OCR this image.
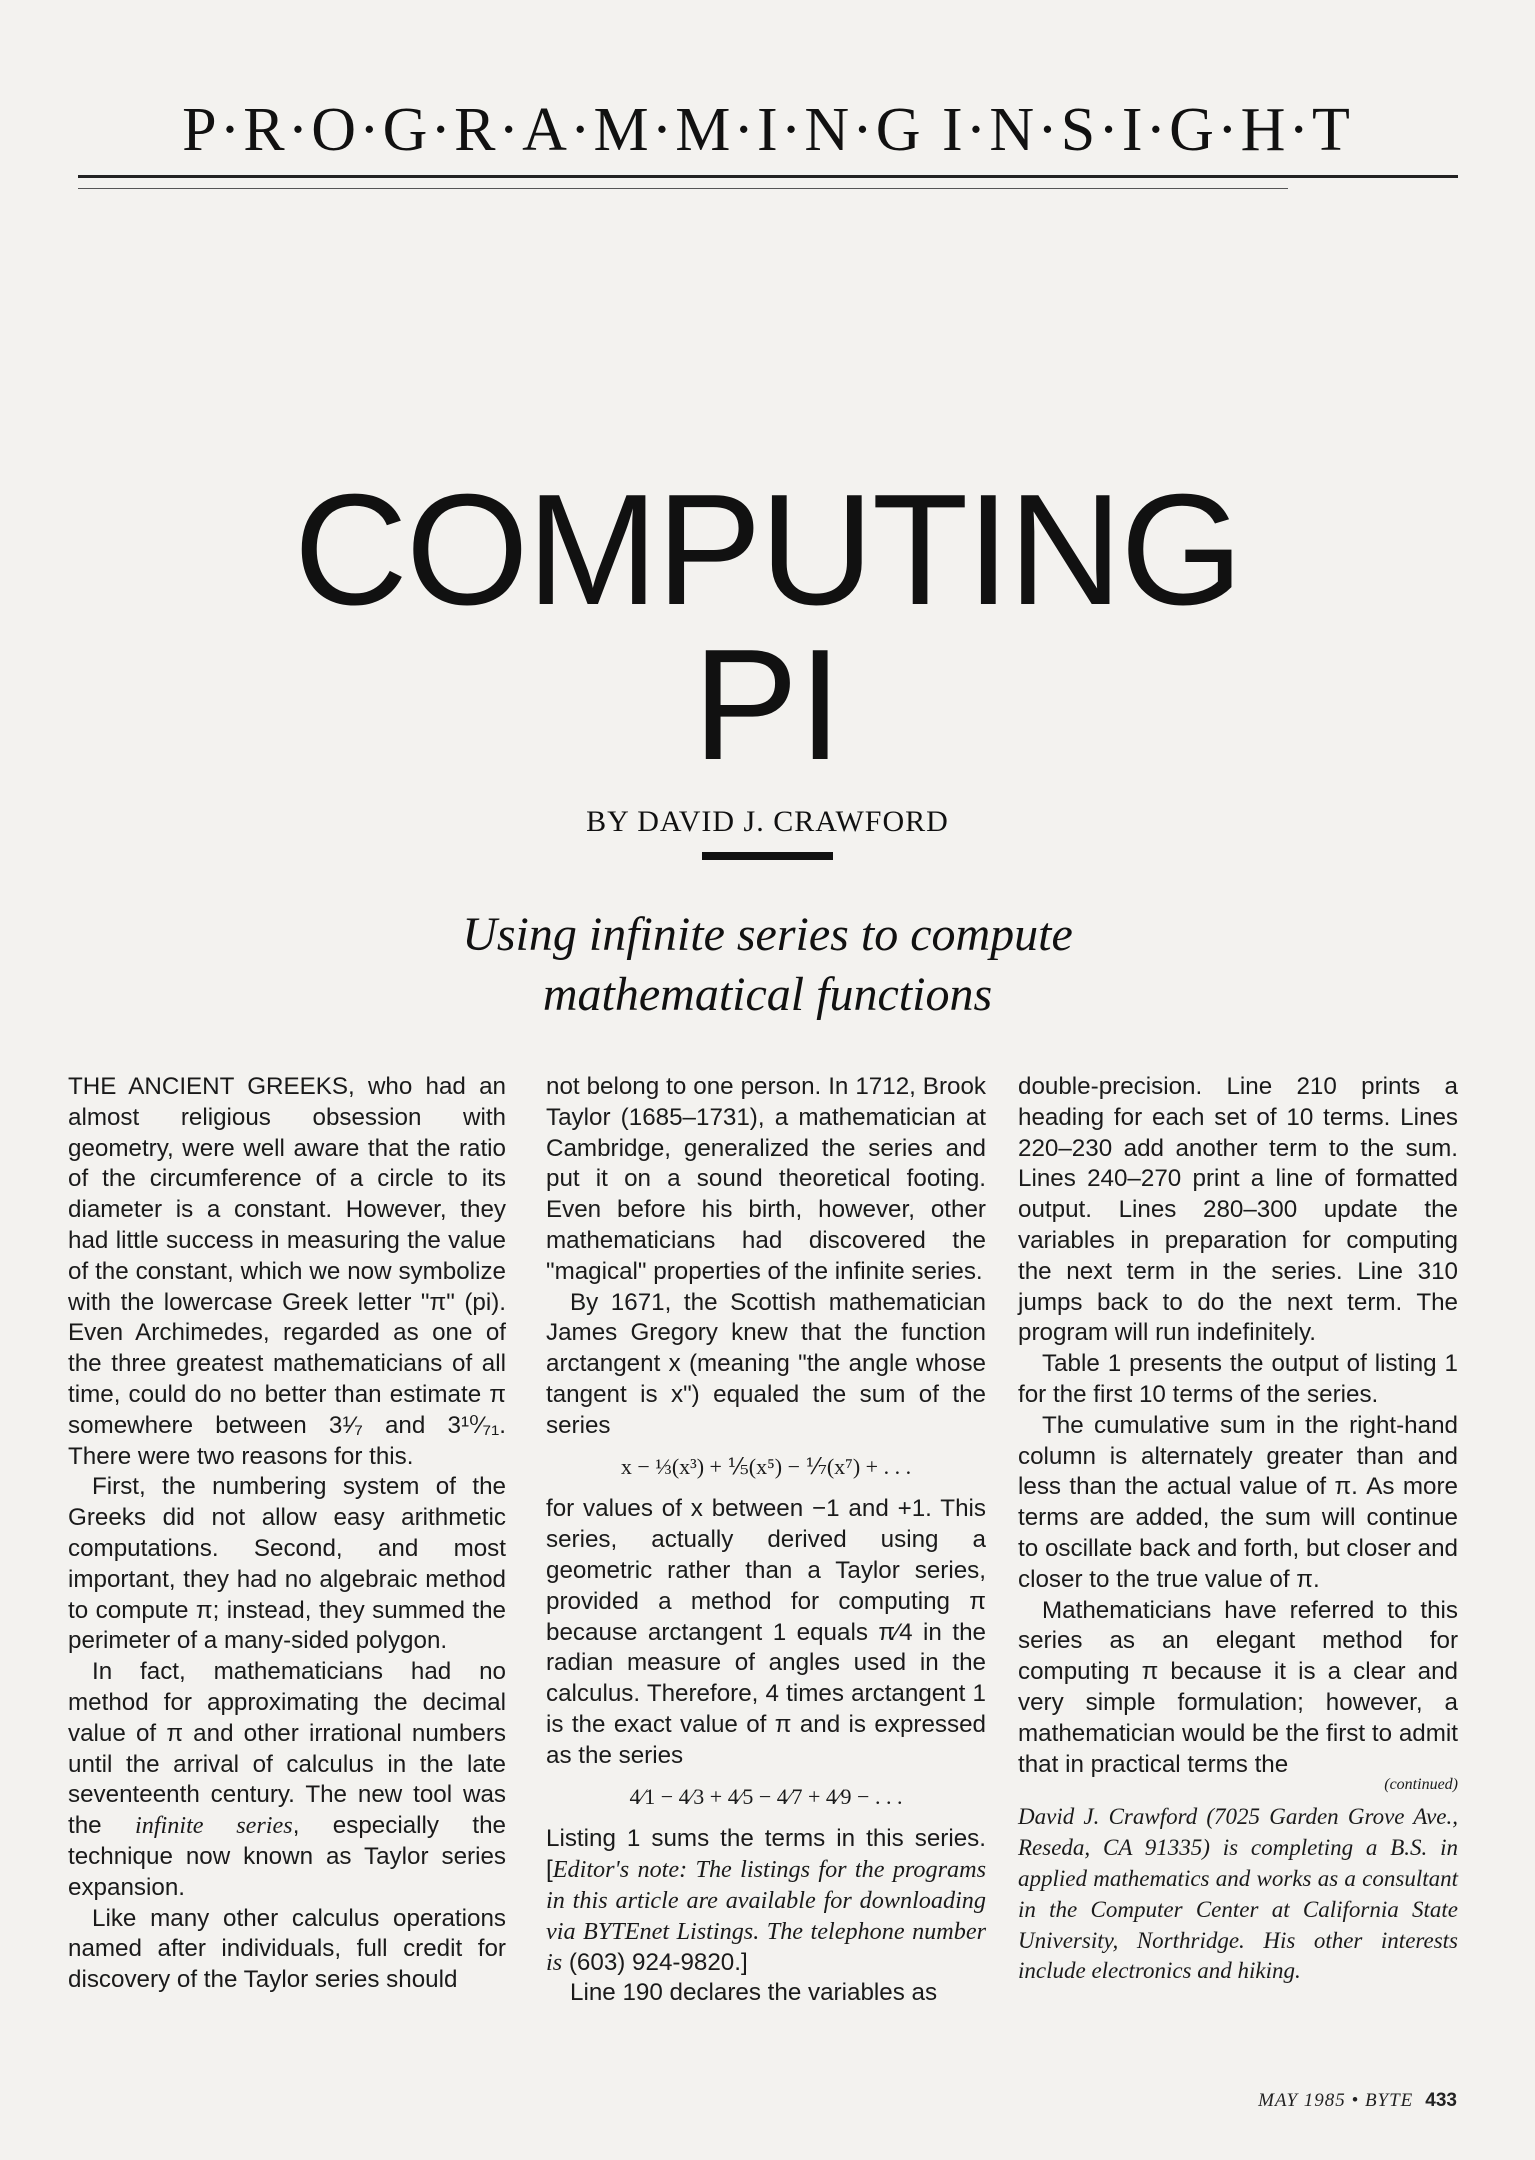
P·R·O·G·R·A·M·M·I·N·G I·N·S·I·G·H·T
COMPUTING
PI
BY DAVID J. CRAWFORD
Using infinite series to compute
mathematical functions

THE ANCIENT GREEKS, who had an almost religious obsession with geometry, were well aware that the ratio of the circumference of a circle to its diameter is a constant. However, they had little success in measuring the value of the constant, which we now symbolize with the lowercase Greek letter "π" (pi). Even Archimedes, regarded as one of the three greatest mathematicians of all time, could do no better than estimate π somewhere between 3¹⁄₇ and 3¹⁰⁄₇₁. There were two reasons for this.

First, the numbering system of the Greeks did not allow easy arithmetic computations. Second, and most important, they had no algebraic method to compute π; instead, they summed the perimeter of a many-sided polygon.

In fact, mathematicians had no method for approximating the decimal value of π and other irrational numbers until the arrival of calculus in the late seventeenth century. The new tool was the infinite series, especially the technique now known as Taylor series expansion.

Like many other calculus operations named after individuals, full credit for discovery of the Taylor series should

not belong to one person. In 1712, Brook Taylor (1685–1731), a mathematician at Cambridge, generalized the series and put it on a sound theoretical footing. Even before his birth, however, other mathematicians had discovered the "magical" properties of the infinite series.

By 1671, the Scottish mathematician James Gregory knew that the function arctangent x (meaning "the angle whose tangent is x") equaled the sum of the series

x − ⅓(x³) + ⅕(x⁵) − ⅐(x⁷) + . . .

for values of x between −1 and +1. This series, actually derived using a geometric rather than a Taylor series, provided a method for computing π because arctangent 1 equals π⁄4 in the radian measure of angles used in the calculus. Therefore, 4 times arctangent 1 is the exact value of π and is expressed as the series

4⁄1 − 4⁄3 + 4⁄5 − 4⁄7 + 4⁄9 − . . .

Listing 1 sums the terms in this series. [Editor's note: The listings for the programs in this article are available for downloading via BYTEnet Listings. The telephone number is (603) 924-9820.]

Line 190 declares the variables as

double-precision. Line 210 prints a heading for each set of 10 terms. Lines 220–230 add another term to the sum. Lines 240–270 print a line of formatted output. Lines 280–300 update the variables in preparation for computing the next term in the series. Line 310 jumps back to do the next term. The program will run indefinitely.

Table 1 presents the output of listing 1 for the first 10 terms of the series.

The cumulative sum in the right-hand column is alternately greater than and less than the actual value of π. As more terms are added, the sum will continue to oscillate back and forth, but closer and closer to the true value of π.

Mathematicians have referred to this series as an elegant method for computing π because it is a clear and very simple formulation; however, a mathematician would be the first to admit that in practical terms the

(continued)

David J. Crawford (7025 Garden Grove Ave., Reseda, CA 91335) is completing a B.S. in applied mathematics and works as a consultant in the Computer Center at California State University, Northridge. His other interests include electronics and hiking.

MAY 1985 • BYTE 433
